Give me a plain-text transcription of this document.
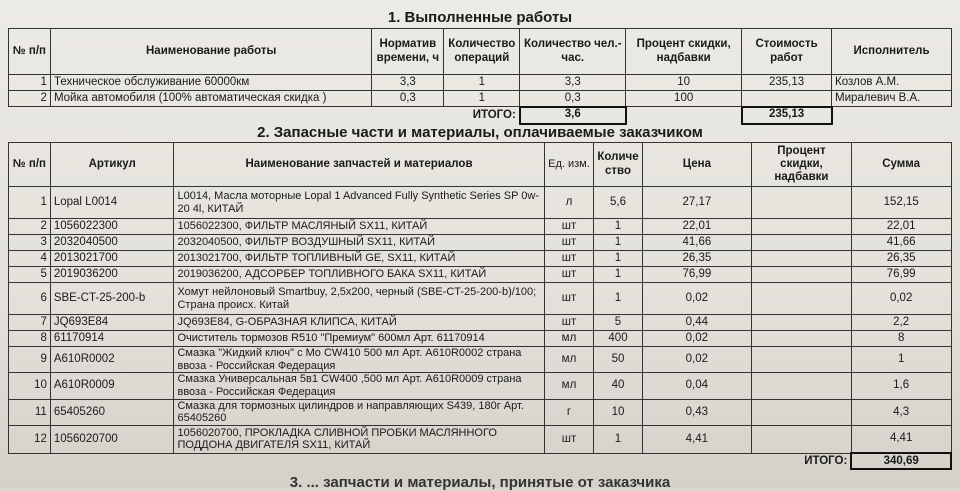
1. Выполненные работы
№ п/п	Наименование работы	Норматив времени, ч	Количество операций	Количество чел.-час.	Процент скидки, надбавки	Стоимость работ	Исполнитель
1	Техническое обслуживание 60000км	3,3	1	3,3	10	235,13	Козлов А.М.
2	Мойка автомобиля (100% автоматическая скидка )	0,3	1	0,3	100		Миралевич В.А.
			ИТОГО:	3,6		235,13	
2. Запасные части и материалы, оплачиваемые заказчиком
№ п/п	Артикул	Наименование запчастей и материалов	Ед. изм.	Количе ство	Цена	Процент скидки, надбавки	Сумма
1	Lopal L0014	L0014, Масла моторные Lopal 1 Advanced Fully Synthetic Series SP 0w-20 4l, КИТАЙ	л	5,6	27,17		152,15
2	1056022300	1056022300, ФИЛЬТР МАСЛЯНЫЙ SX11, КИТАЙ	шт	1	22,01		22,01
3	2032040500	2032040500, ФИЛЬТР ВОЗДУШНЫЙ SX11, КИТАЙ	шт	1	41,66		41,66
4	2013021700	2013021700, ФИЛЬТР ТОПЛИВНЫЙ GE, SX11, КИТАЙ	шт	1	26,35		26,35
5	2019036200	2019036200, АДСОРБЕР ТОПЛИВНОГО БАКА SX11, КИТАЙ	шт	1	76,99		76,99
6	SBE-CT-25-200-b	Хомут нейлоновый Smartbuy, 2,5x200, черный (SBE-CT-25-200-b)/100; Страна происх. Китай	шт	1	0,02		0,02
7	JQ693E84	JQ693E84, G-ОБРАЗНАЯ КЛИПСА, КИТАЙ	шт	5	0,44		2,2
8	61170914	Очиститель тормозов R510 "Премиум" 600мл Арт. 61170914	мл	400	0,02		8
9	A610R0002	Смазка "Жидкий ключ" с Mo CW410 500 мл Арт. A610R0002 страна ввоза - Российская Федерация	мл	50	0,02		1
10	A610R0009	Смазка Универсальная 5в1 CW400 ,500 мл Арт. A610R0009 страна ввоза - Российская Федерация	мл	40	0,04		1,6
11	65405260	Смазка для тормозных цилиндров и направляющих S439, 180г Арт. 65405260	г	10	0,43		4,3
12	1056020700	1056020700, ПРОКЛАДКА СЛИВНОЙ ПРОБКИ МАСЛЯННОГО ПОДДОНА ДВИГАТЕЛЯ SX11, КИТАЙ	шт	1	4,41		4,41
						ИТОГО:	340,69
3. ... запчасти и материалы, принятые от заказчика
